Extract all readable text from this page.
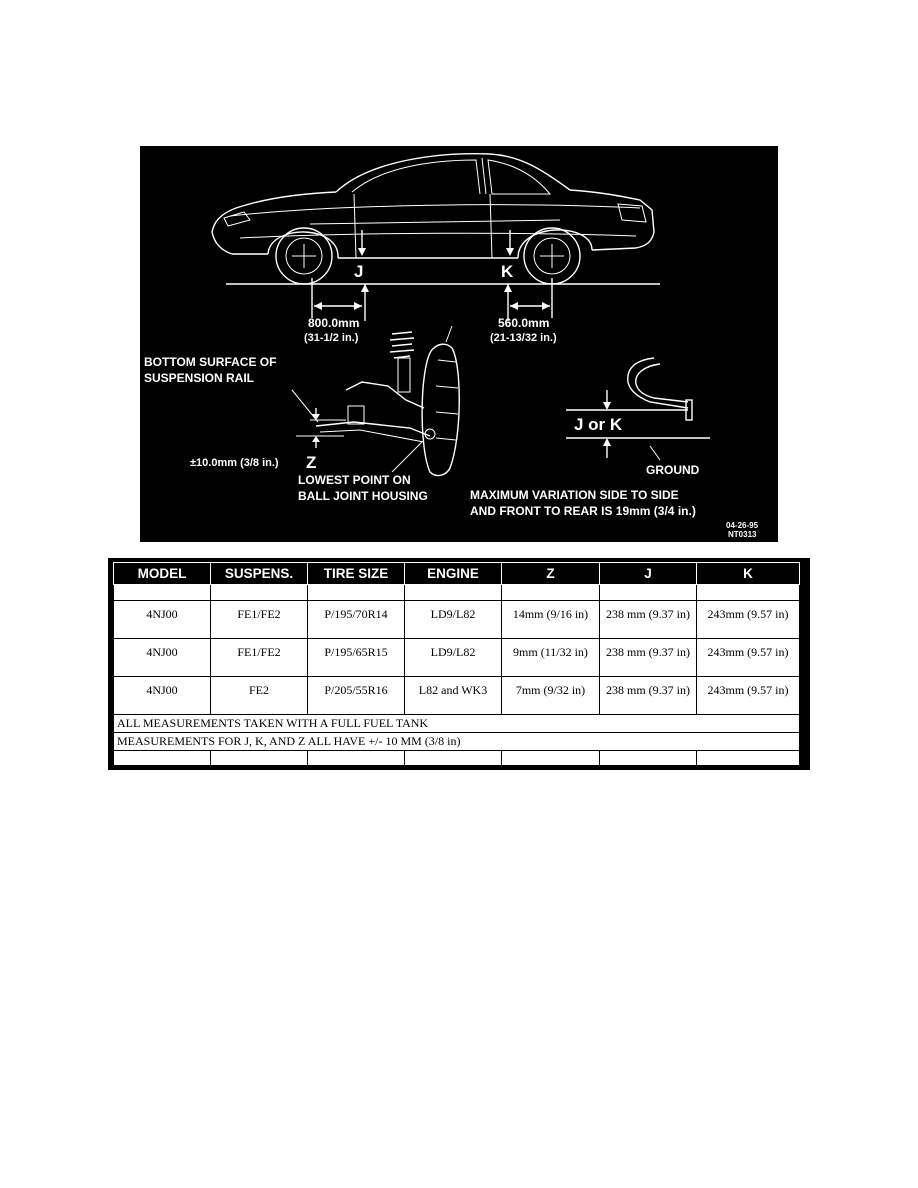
J	K
800.0mm
(31-1/2 in.)
560.0mm
(21-13/32 in.)
BOTTOM SURFACE OF
SUSPENSION RAIL
±10.0mm (3/8 in.) Z
LOWEST POINT ON
BALL JOINT HOUSING
J or K
GROUND
MAXIMUM VARIATION SIDE TO SIDE
AND FRONT TO REAR IS 19mm (3/4 in.)
04-26-95
NT0313
MODEL	SUSPENS.	TIRE SIZE	ENGINE	Z	J	K

4NJ00	FE1/FE2	P/195/70R14	LD9/L82	14mm (9/16 in)	238 mm (9.37 in)	243mm (9.57 in)
4NJ00	FE1/FE2	P/195/65R15	LD9/L82	9mm (11/32 in)	238 mm (9.37 in)	243mm (9.57 in)
4NJ00	FE2	P/205/55R16	L82 and WK3	7mm (9/32 in)	238 mm (9.37 in)	243mm (9.57 in)
ALL MEASUREMENTS TAKEN WITH A FULL FUEL TANK						
MEASUREMENTS FOR J, K, AND Z ALL HAVE +/- 10 MM (3/8 in)						
